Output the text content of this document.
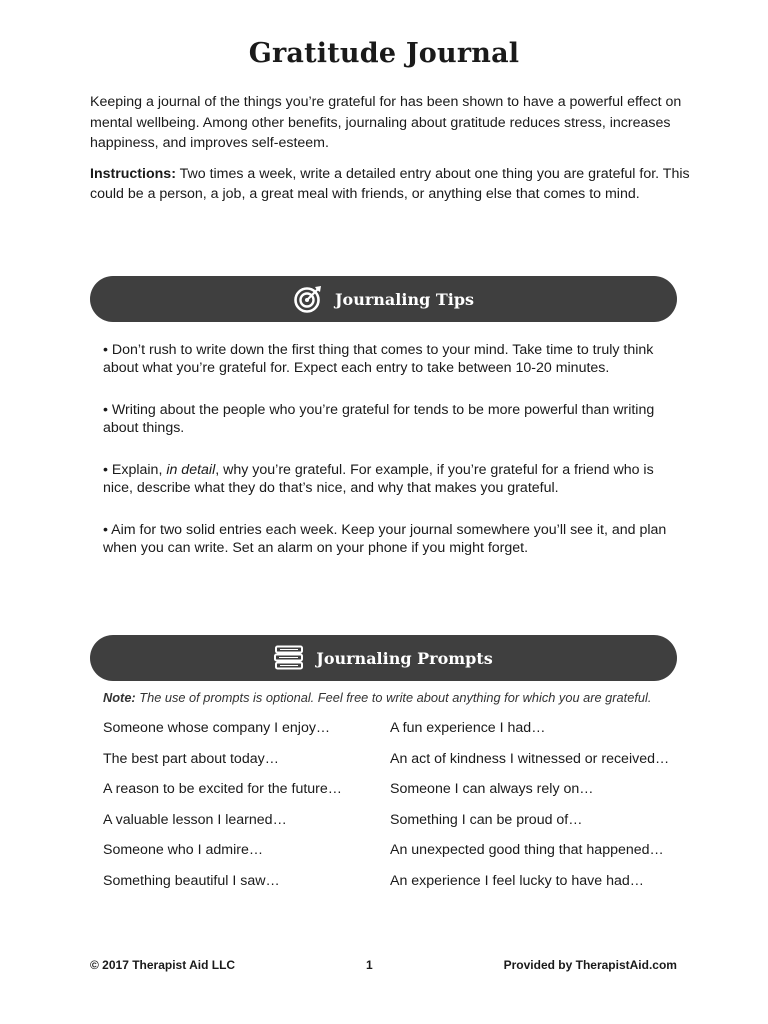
Gratitude Journal

Keeping a journal of the things you’re grateful for has been shown to have a powerful effect on mental wellbeing. Among other benefits, journaling about gratitude reduces stress, increases happiness, and improves self-esteem.

Instructions: Two times a week, write a detailed entry about one thing you are grateful for. This could be a person, a job, a great meal with friends, or anything else that comes to mind.

Journaling Tips

• Don’t rush to write down the first thing that comes to your mind. Take time to truly think about what you’re grateful for. Expect each entry to take between 10-20 minutes.

• Writing about the people who you’re grateful for tends to be more powerful than writing about things.

• Explain, in detail, why you’re grateful. For example, if you’re grateful for a friend who is nice, describe what they do that’s nice, and why that makes you grateful.

• Aim for two solid entries each week. Keep your journal somewhere you’ll see it, and plan when you can write. Set an alarm on your phone if you might forget.

Journaling Prompts
Note: The use of prompts is optional. Feel free to write about anything for which you are grateful.
Someone whose company I enjoy…	A fun experience I had…
The best part about today…	An act of kindness I witnessed or received…
A reason to be excited for the future…	Someone I can always rely on…
A valuable lesson I learned…	Something I can be proud of…
Someone who I admire…	An unexpected good thing that happened…
Something beautiful I saw…	An experience I feel lucky to have had…
© 2017 Therapist Aid LLC	1	Provided by TherapistAid.com
